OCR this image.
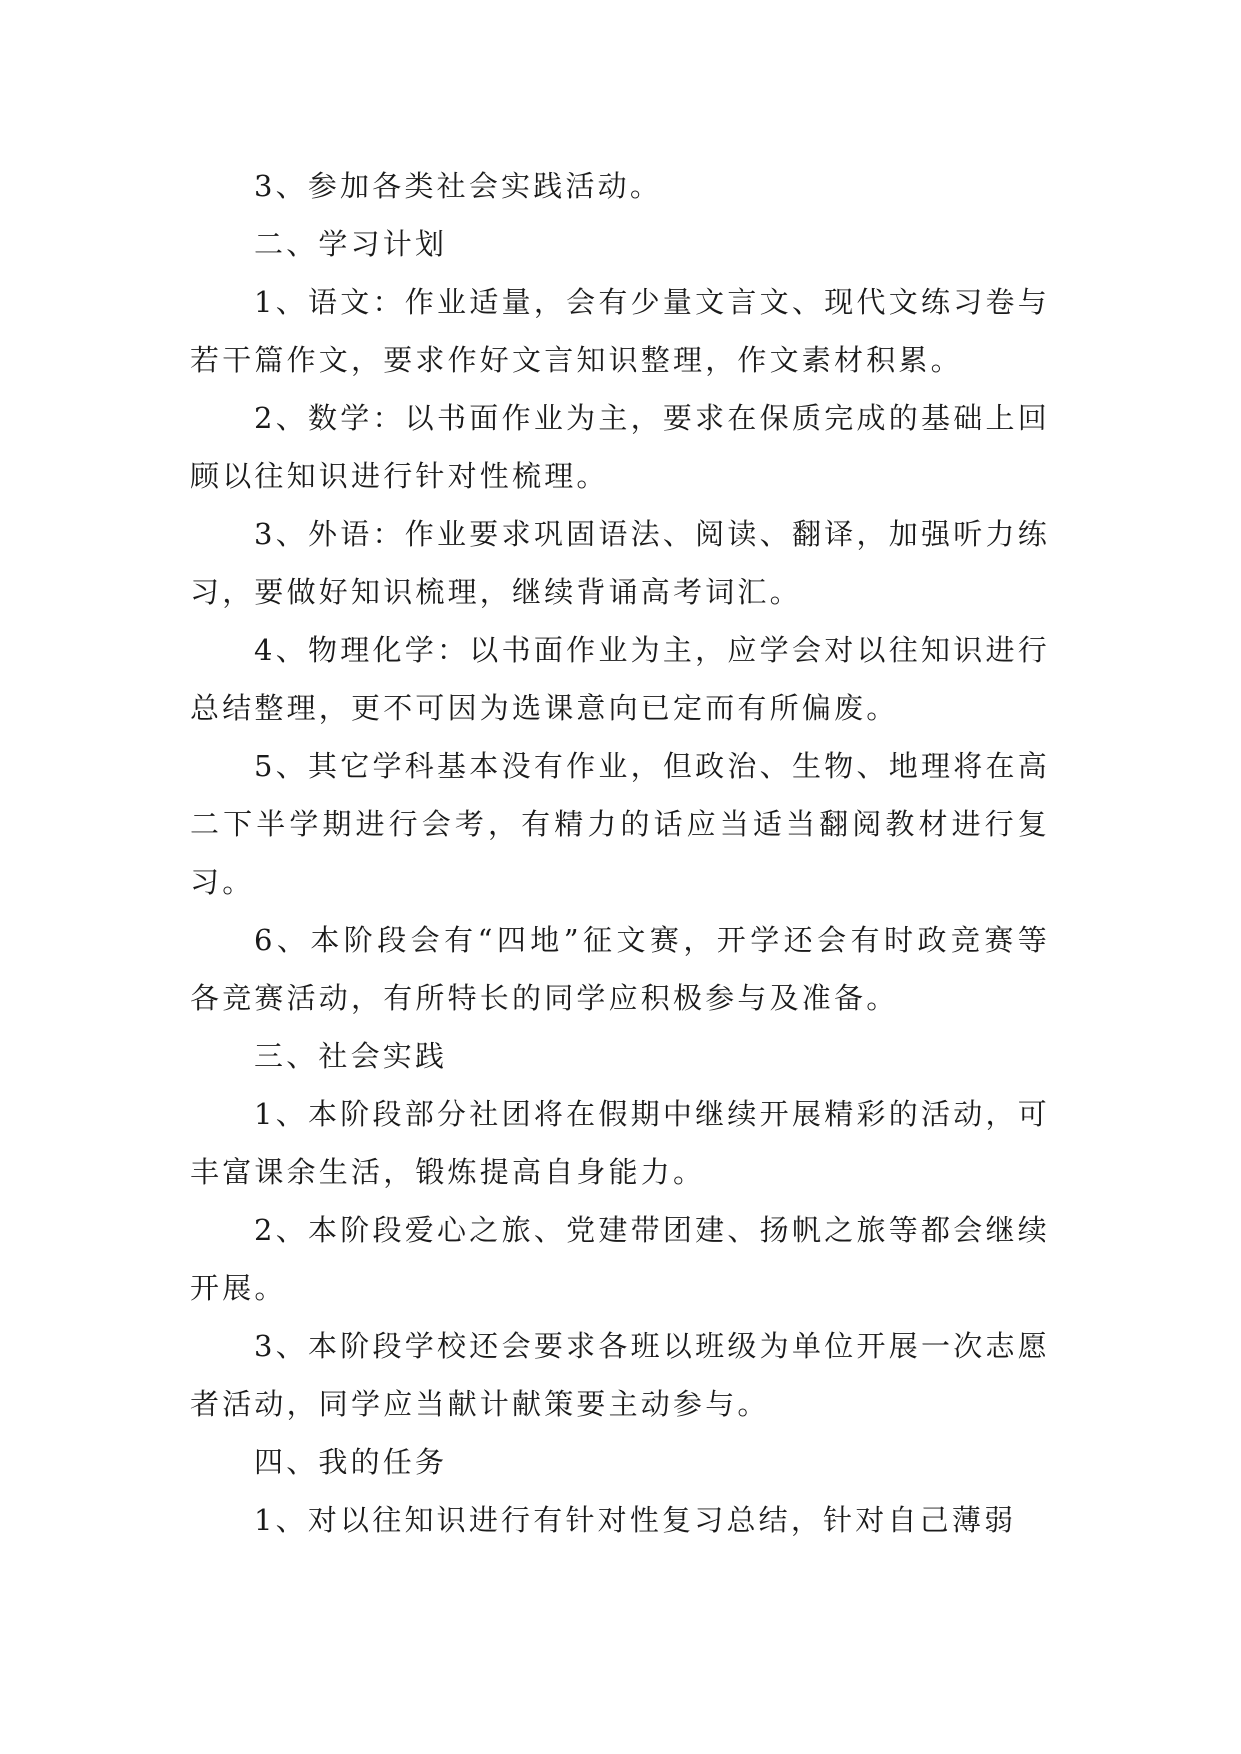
3、参加各类社会实践活动。

二、学习计划

1、语文：作业适量，会有少量文言文、现代文练习卷与若干篇作文，要求作好文言知识整理，作文素材积累。

2、数学：以书面作业为主，要求在保质完成的基础上回顾以往知识进行针对性梳理。

3、外语：作业要求巩固语法、阅读、翻译，加强听力练习，要做好知识梳理，继续背诵高考词汇。

4、物理化学：以书面作业为主，应学会对以往知识进行总结整理，更不可因为选课意向已定而有所偏废。

5、其它学科基本没有作业，但政治、生物、地理将在高二下半学期进行会考，有精力的话应当适当翻阅教材进行复习。

6、本阶段会有“四地”征文赛，开学还会有时政竞赛等各竞赛活动，有所特长的同学应积极参与及准备。

三、社会实践

1、本阶段部分社团将在假期中继续开展精彩的活动，可丰富课余生活，锻炼提高自身能力。

2、本阶段爱心之旅、党建带团建、扬帆之旅等都会继续开展。

3、本阶段学校还会要求各班以班级为单位开展一次志愿者活动，同学应当献计献策要主动参与。

四、我的任务

1、对以往知识进行有针对性复习总结，针对自己薄弱
